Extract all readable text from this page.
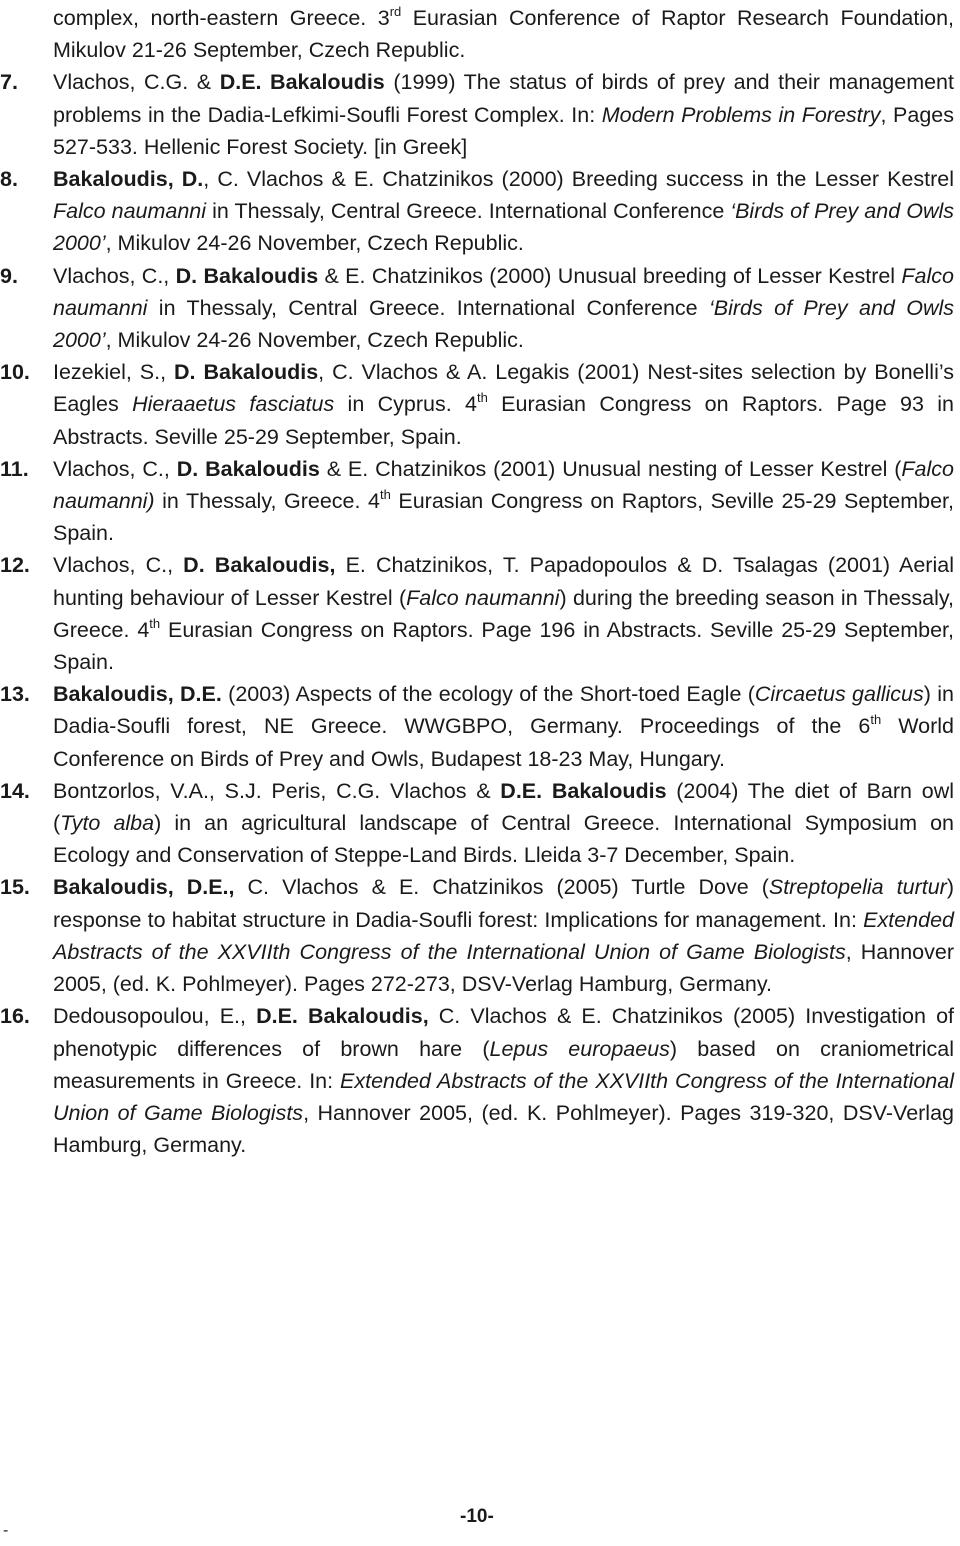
complex, north-eastern Greece. 3rd Eurasian Conference of Raptor Research Foundation, Mikulov 21-26 September, Czech Republic.
7. Vlachos, C.G. & D.E. Bakaloudis (1999) The status of birds of prey and their management problems in the Dadia-Lefkimi-Soufli Forest Complex. In: Modern Problems in Forestry, Pages 527-533. Hellenic Forest Society. [in Greek]
8. Bakaloudis, D., C. Vlachos & E. Chatzinikos (2000) Breeding success in the Lesser Kestrel Falco naumanni in Thessaly, Central Greece. International Conference ‘Birds of Prey and Owls 2000’, Mikulov 24-26 November, Czech Republic.
9. Vlachos, C., D. Bakaloudis & E. Chatzinikos (2000) Unusual breeding of Lesser Kestrel Falco naumanni in Thessaly, Central Greece. International Conference ‘Birds of Prey and Owls 2000’, Mikulov 24-26 November, Czech Republic.
10. Iezekiel, S., D. Bakaloudis, C. Vlachos & A. Legakis (2001) Nest-sites selection by Bonelli’s Eagles Hieraaetus fasciatus in Cyprus. 4th Eurasian Congress on Raptors. Page 93 in Abstracts. Seville 25-29 September, Spain.
11. Vlachos, C., D. Bakaloudis & E. Chatzinikos (2001) Unusual nesting of Lesser Kestrel (Falco naumanni) in Thessaly, Greece. 4th Eurasian Congress on Raptors, Seville 25-29 September, Spain.
12. Vlachos, C., D. Bakaloudis, E. Chatzinikos, T. Papadopoulos & D. Tsalagas (2001) Aerial hunting behaviour of Lesser Kestrel (Falco naumanni) during the breeding season in Thessaly, Greece. 4th Eurasian Congress on Raptors. Page 196 in Abstracts. Seville 25-29 September, Spain.
13. Bakaloudis, D.E. (2003) Aspects of the ecology of the Short-toed Eagle (Circaetus gallicus) in Dadia-Soufli forest, NE Greece. WWGBPO, Germany. Proceedings of the 6th World Conference on Birds of Prey and Owls, Budapest 18-23 May, Hungary.
14. Bontzorlos, V.A., S.J. Peris, C.G. Vlachos & D.E. Bakaloudis (2004) The diet of Barn owl (Tyto alba) in an agricultural landscape of Central Greece. International Symposium on Ecology and Conservation of Steppe-Land Birds. Lleida 3-7 December, Spain.
15. Bakaloudis, D.E., C. Vlachos & E. Chatzinikos (2005) Turtle Dove (Streptopelia turtur) response to habitat structure in Dadia-Soufli forest: Implications for management. In: Extended Abstracts of the XXVIIth Congress of the International Union of Game Biologists, Hannover 2005, (ed. K. Pohlmeyer). Pages 272-273, DSV-Verlag Hamburg, Germany.
16. Dedousopoulou, E., D.E. Bakaloudis, C. Vlachos & E. Chatzinikos (2005) Investigation of phenotypic differences of brown hare (Lepus europaeus) based on craniometrical measurements in Greece. In: Extended Abstracts of the XXVIIth Congress of the International Union of Game Biologists, Hannover 2005, (ed. K. Pohlmeyer). Pages 319-320, DSV-Verlag Hamburg, Germany.
-10-
-
